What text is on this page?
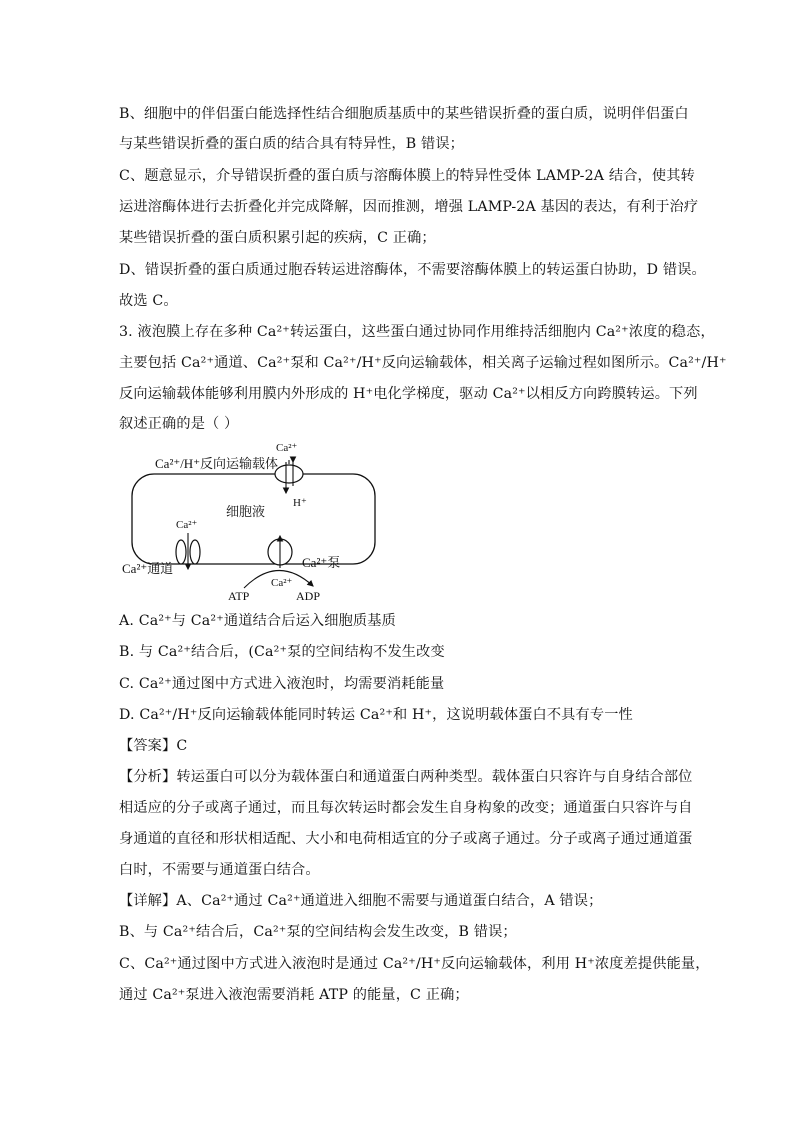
B、细胞中的伴侣蛋白能选择性结合细胞质基质中的某些错误折叠的蛋白质，说明伴侣蛋白
与某些错误折叠的蛋白质的结合具有特异性，B 错误；
C、题意显示，介导错误折叠的蛋白质与溶酶体膜上的特异性受体 LAMP-2A 结合，使其转
运进溶酶体进行去折叠化并完成降解，因而推测，增强 LAMP-2A 基因的表达，有利于治疗
某些错误折叠的蛋白质积累引起的疾病，C 正确；
D、错误折叠的蛋白质通过胞吞转运进溶酶体，不需要溶酶体膜上的转运蛋白协助，D 错误。
故选 C。
3. 液泡膜上存在多种 Ca²⁺转运蛋白，这些蛋白通过协同作用维持活细胞内 Ca²⁺浓度的稳态，
主要包括 Ca²⁺通道、Ca²⁺泵和 Ca²⁺/H⁺反向运输载体，相关离子运输过程如图所示。Ca²⁺/H⁺
反向运输载体能够利用膜内外形成的 H⁺电化学梯度，驱动 Ca²⁺以相反方向跨膜转运。下列
叙述正确的是（ ）
Ca²⁺/H⁺反向运输载体
Ca²⁺
H⁺
细胞液
Ca²⁺
Ca²⁺通道	Ca²⁺泵
Ca²⁺
ATP	ADP
A. Ca²⁺与 Ca²⁺通道结合后运入细胞质基质
B. 与 Ca²⁺结合后，(Ca²⁺泵的空间结构不发生改变
C. Ca²⁺通过图中方式进入液泡时，均需要消耗能量
D. Ca²⁺/H⁺反向运输载体能同时转运 Ca²⁺和 H⁺，这说明载体蛋白不具有专一性
【答案】C
【分析】转运蛋白可以分为载体蛋白和通道蛋白两种类型。载体蛋白只容许与自身结合部位
相适应的分子或离子通过，而且每次转运时都会发生自身构象的改变；通道蛋白只容许与自
身通道的直径和形状相适配、大小和电荷相适宜的分子或离子通过。分子或离子通过通道蛋
白时，不需要与通道蛋白结合。
【详解】A、Ca²⁺通过 Ca²⁺通道进入细胞不需要与通道蛋白结合，A 错误；
B、与 Ca²⁺结合后，Ca²⁺泵的空间结构会发生改变，B 错误；
C、Ca²⁺通过图中方式进入液泡时是通过 Ca²⁺/H⁺反向运输载体，利用 H⁺浓度差提供能量，
通过 Ca²⁺泵进入液泡需要消耗 ATP 的能量，C 正确；
